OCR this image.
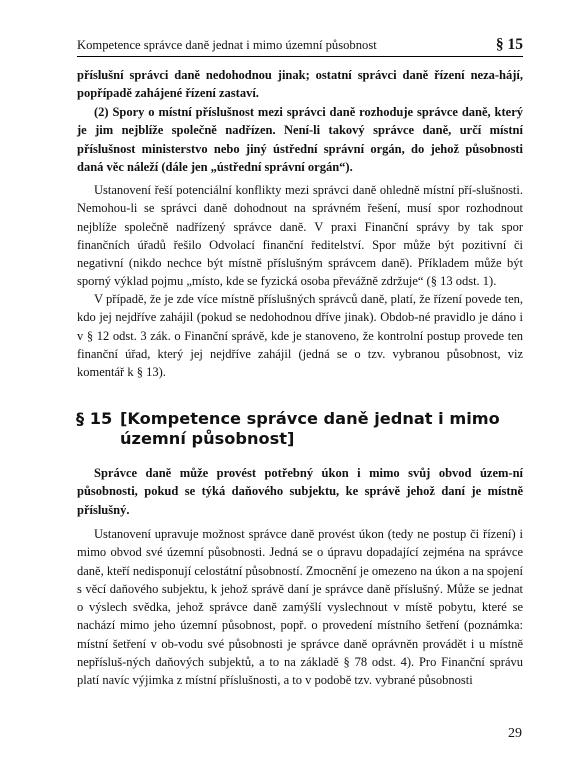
Kompetence správce daně jednat i mimo územní působnost	§ 15

příslušní správci daně nedohodnou jinak; ostatní správci daně řízení neza-hájí, popřípadě zahájené řízení zastaví.

(2) Spory o místní příslušnost mezi správci daně rozhoduje správce daně, který je jim nejblíže společně nadřízen. Není-li takový správce daně, určí místní příslušnost ministerstvo nebo jiný ústřední správní orgán, do jehož působnosti daná věc náleží (dále jen „ústřední správní orgán“).

Ustanovení řeší potenciální konflikty mezi správci daně ohledně místní pří-slušnosti. Nemohou-li se správci daně dohodnout na správném řešení, musí spor rozhodnout nejblíže společně nadřízený správce daně. V praxi Finanční správy by tak spor finančních úřadů řešilo Odvolací finanční ředitelství. Spor může být pozitivní či negativní (nikdo nechce být místně příslušným správcem daně). Příkladem může být sporný výklad pojmu „místo, kde se fyzická osoba převážně zdržuje“ (§ 13 odst. 1).

V případě, že je zde více místně příslušných správců daně, platí, že řízení povede ten, kdo jej nejdříve zahájil (pokud se nedohodnou dříve jinak). Obdob-né pravidlo je dáno i v § 12 odst. 3 zák. o Finanční správě, kde je stanoveno, že kontrolní postup provede ten finanční úřad, který jej nejdříve zahájil (jedná se o tzv. vybranou působnost, viz komentář k § 13).

§ 15 [Kompetence správce daně jednat i mimo územní působnost]

Správce daně může provést potřebný úkon i mimo svůj obvod územ-ní působnosti, pokud se týká daňového subjektu, ke správě jehož daní je místně příslušný.

Ustanovení upravuje možnost správce daně provést úkon (tedy ne postup či řízení) i mimo obvod své územní působnosti. Jedná se o úpravu dopadající zejména na správce daně, kteří nedisponují celostátní působností. Zmocnění je omezeno na úkon a na spojení s věcí daňového subjektu, k jehož správě daní je správce daně příslušný. Může se jednat o výslech svědka, jehož správce daně zamýšlí vyslechnout v místě pobytu, které se nachází mimo jeho územní působnost, popř. o provedení místního šetření (poznámka: místní šetření v ob-vodu své působnosti je správce daně oprávněn provádět i u místně nepřísluš-ných daňových subjektů, a to na základě § 78 odst. 4). Pro Finanční správu platí navíc výjimka z místní příslušnosti, a to v podobě tzv. vybrané působnosti

29
